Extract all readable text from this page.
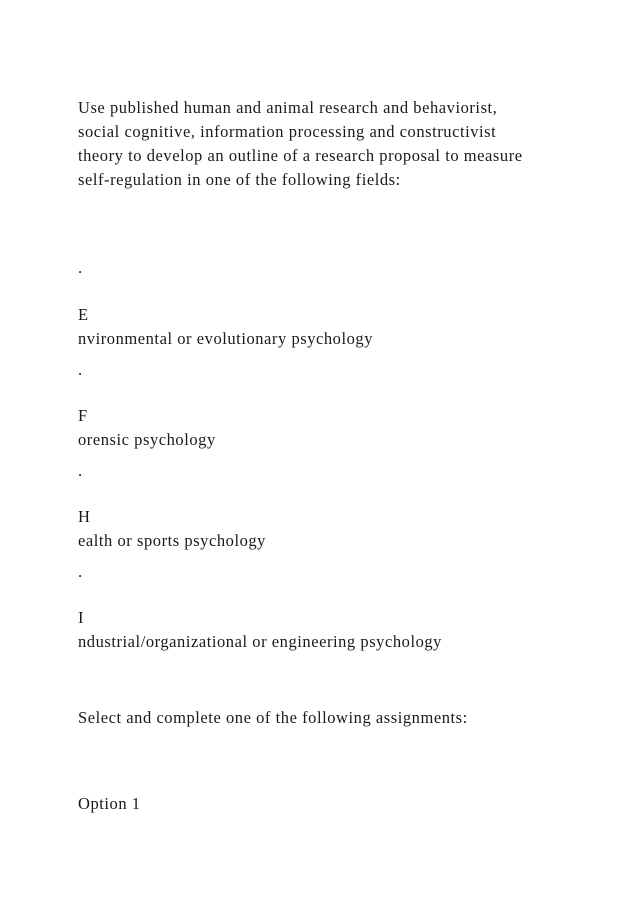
Use published human and animal research and behaviorist,
social cognitive, information processing and constructivist
theory to develop an outline of a research proposal to measure
self-regulation in one of the following fields:
.
E
nvironmental or evolutionary psychology
.
F
orensic psychology
.
H
ealth or sports psychology
.
I
ndustrial/organizational or engineering psychology
Select and complete one of the following assignments:
Option 1
